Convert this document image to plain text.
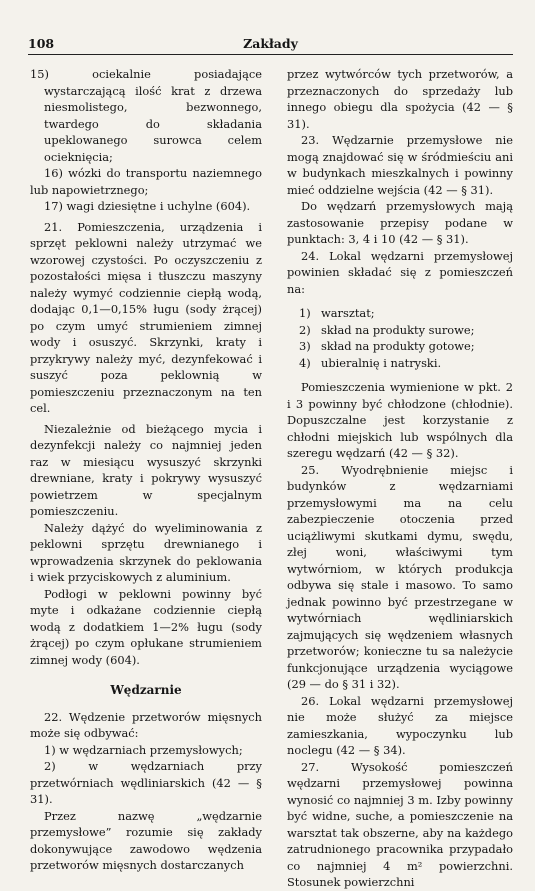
108	Zakłady

15) ociekalnie posiadające wystarczającą ilość krat z drzewa niesmolistego, bezwonnego, twardego do składania upeklowanego surowca celem ocieknięcia;

16) wózki do transportu naziemnego lub napowietrznego;

17) wagi dziesiętne i uchylne (604).

21. Pomieszczenia, urządzenia i sprzęt peklowni należy utrzymać we wzorowej czystości. Po oczyszczeniu z pozostałości mięsa i tłuszczu maszyny należy wymyć codziennie ciepłą wodą, dodając 0,1—0,15% ługu (sody żrącej) po czym umyć strumieniem zimnej wody i osuszyć. Skrzynki, kraty i przykrywy należy myć, dezynfekować i suszyć poza peklownią w pomieszczeniu przeznaczonym na ten cel.

Niezależnie od bieżącego mycia i dezynfekcji należy co najmniej jeden raz w miesiącu wysuszyć skrzynki drewniane, kraty i pokrywy wysuszyć powietrzem w specjalnym pomieszczeniu.

Należy dążyć do wyeliminowania z peklowni sprzętu drewnianego i wprowadzenia skrzynek do peklowania i wiek przyciskowych z aluminium.

Podłogi w peklowni powinny być myte i odkażane codziennie ciepłą wodą z dodatkiem 1—2% ługu (sody żrącej) po czym opłukane strumieniem zimnej wody (604).

Wędzarnie

22. Wędzenie przetworów mięsnych może się odbywać:

1) w wędzarniach przemysłowych;

2) w wędzarniach przy przetwórniach wędliniarskich (42 — § 31).

Przez nazwę „wędzarnie przemysłowe” rozumie się zakłady dokonywujące zawodowo wędzenia przetworów mięsnych dostarczanych

przez wytwórców tych przetworów, a przeznaczonych do sprzedaży lub innego obiegu dla spożycia (42 — § 31).

23. Wędzarnie przemysłowe nie mogą znajdować się w śródmieściu ani w budynkach mieszkalnych i powinny mieć oddzielne wejścia (42 — § 31).

Do wędzarń przemysłowych mają zastosowanie przepisy podane w punktach: 3, 4 i 10 (42 — § 31).

24. Lokal wędzarni przemysłowej powinien składać się z pomieszczeń na:

1) warsztat;
2) skład na produkty surowe;
3) skład na produkty gotowe;
4) ubieralnię i natryski.

Pomieszczenia wymienione w pkt. 2 i 3 powinny być chłodzone (chłodnie). Dopuszczalne jest korzystanie z chłodni miejskich lub wspólnych dla szeregu wędzarń (42 — § 32).

25. Wyodrębnienie miejsc i budynków z wędzarniami przemysłowymi ma na celu zabezpieczenie otoczenia przed uciążliwymi skutkami dymu, swędu, złej woni, właściwymi tym wytwórniom, w których produkcja odbywa się stale i masowo. To samo jednak powinno być przestrzegane w wytwórniach wędliniarskich zajmujących się wędzeniem własnych przetworów; konieczne tu sa należycie funkcjonujące urządzenia wyciągowe (29 — do § 31 i 32).

26. Lokal wędzarni przemysłowej nie może służyć za miejsce zamieszkania, wypoczynku lub noclegu (42 — § 34).

27. Wysokość pomieszczeń wędzarni przemysłowej powinna wynosić co najmniej 3 m. Izby powinny być widne, suche, a pomieszczenie na warsztat tak obszerne, aby na każdego zatrudnionego pracownika przypadało co najmniej 4 m² powierzchni. Stosunek powierzchni
